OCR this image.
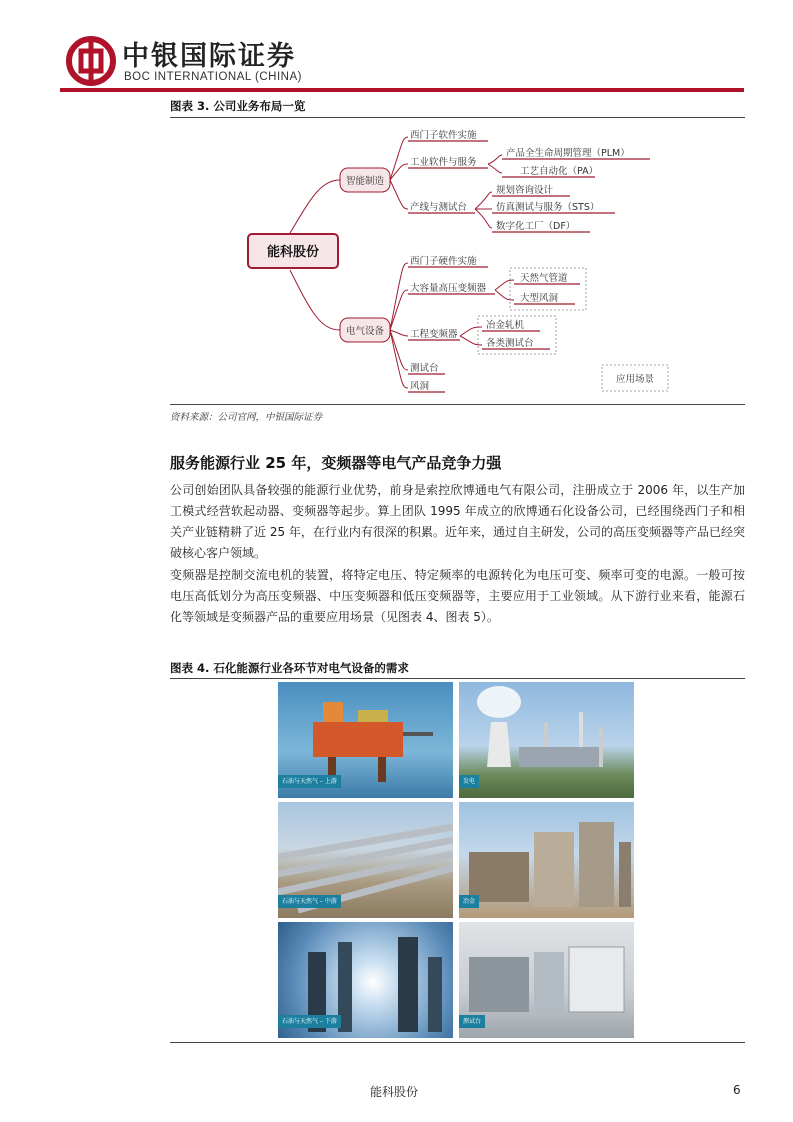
中银国际证券
BOC INTERNATIONAL (CHINA)
图表 3. 公司业务布局一览
能科股份
智能制造
电气设备
西门子软件实施
工业软件与服务
产线与测试台
产品全生命周期管理（PLM）
工艺自动化（PA）
规划咨询设计
仿真测试与服务（STS）
数字化工厂（DF）
西门子硬件实施
大容量高压变频器
工程变频器
测试台
风洞
天然气管道
大型风洞
冶金轧机
各类测试台
应用场景
资料来源：公司官网，中银国际证券
服务能源行业 25 年，变频器等电气产品竞争力强
公司创始团队具备较强的能源行业优势，前身是索控欣博通电气有限公司，注册成立于 2006 年，以生产加工模式经营软起动器、变频器等起步。算上团队 1995 年成立的欣博通石化设备公司，已经围绕西门子和相关产业链精耕了近 25 年，在行业内有很深的积累。近年来，通过自主研发，公司的高压变频器等产品已经突破核心客户领域。
变频器是控制交流电机的装置，将特定电压、特定频率的电源转化为电压可变、频率可变的电源。一般可按电压高低划分为高压变频器、中压变频器和低压变频器等，主要应用于工业领域。从下游行业来看，能源石化等领域是变频器产品的重要应用场景（见图表 4、图表 5）。
图表 4. 石化能源行业各环节对电气设备的需求
石油与天然气 – 上游	发电
石油与天然气 – 中游	冶金
石油与天然气 – 下游	测试台
能科股份	6
